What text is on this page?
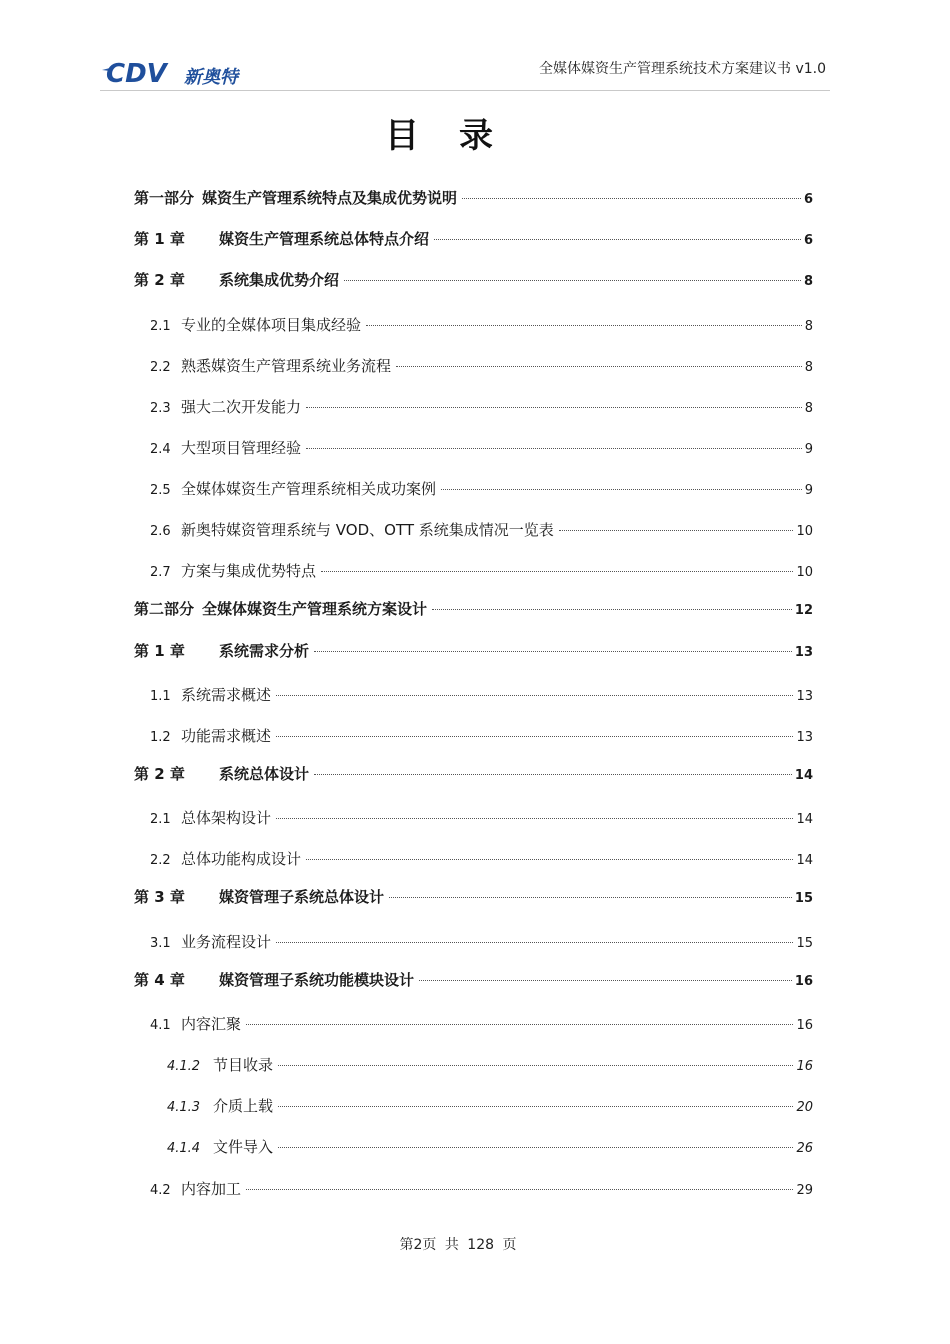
CDV 新奥特	全媒体媒资生产管理系统技术方案建议书 v1.0
目录
第一部分 媒资生产管理系统特点及集成优势说明	6
第 1 章	媒资生产管理系统总体特点介绍	6
第 2 章	系统集成优势介绍	8
2.1 专业的全媒体项目集成经验	8
2.2 熟悉媒资生产管理系统业务流程	8
2.3 强大二次开发能力	8
2.4 大型项目管理经验	9
2.5 全媒体媒资生产管理系统相关成功案例	9
2.6 新奥特媒资管理系统与 VOD、OTT 系统集成情况一览表	10
2.7 方案与集成优势特点	10
第二部分 全媒体媒资生产管理系统方案设计	12
第 1 章	系统需求分析	13
1.1 系统需求概述	13
1.2 功能需求概述	13
第 2 章	系统总体设计	14
2.1 总体架构设计	14
2.2 总体功能构成设计	14
第 3 章	媒资管理子系统总体设计	15
3.1 业务流程设计	15
第 4 章	媒资管理子系统功能模块设计	16
4.1 内容汇聚	16
4.1.2 节目收录	16
4.1.3 介质上载	20
4.1.4 文件导入	26
4.2 内容加工	29
第2页 共 128 页
